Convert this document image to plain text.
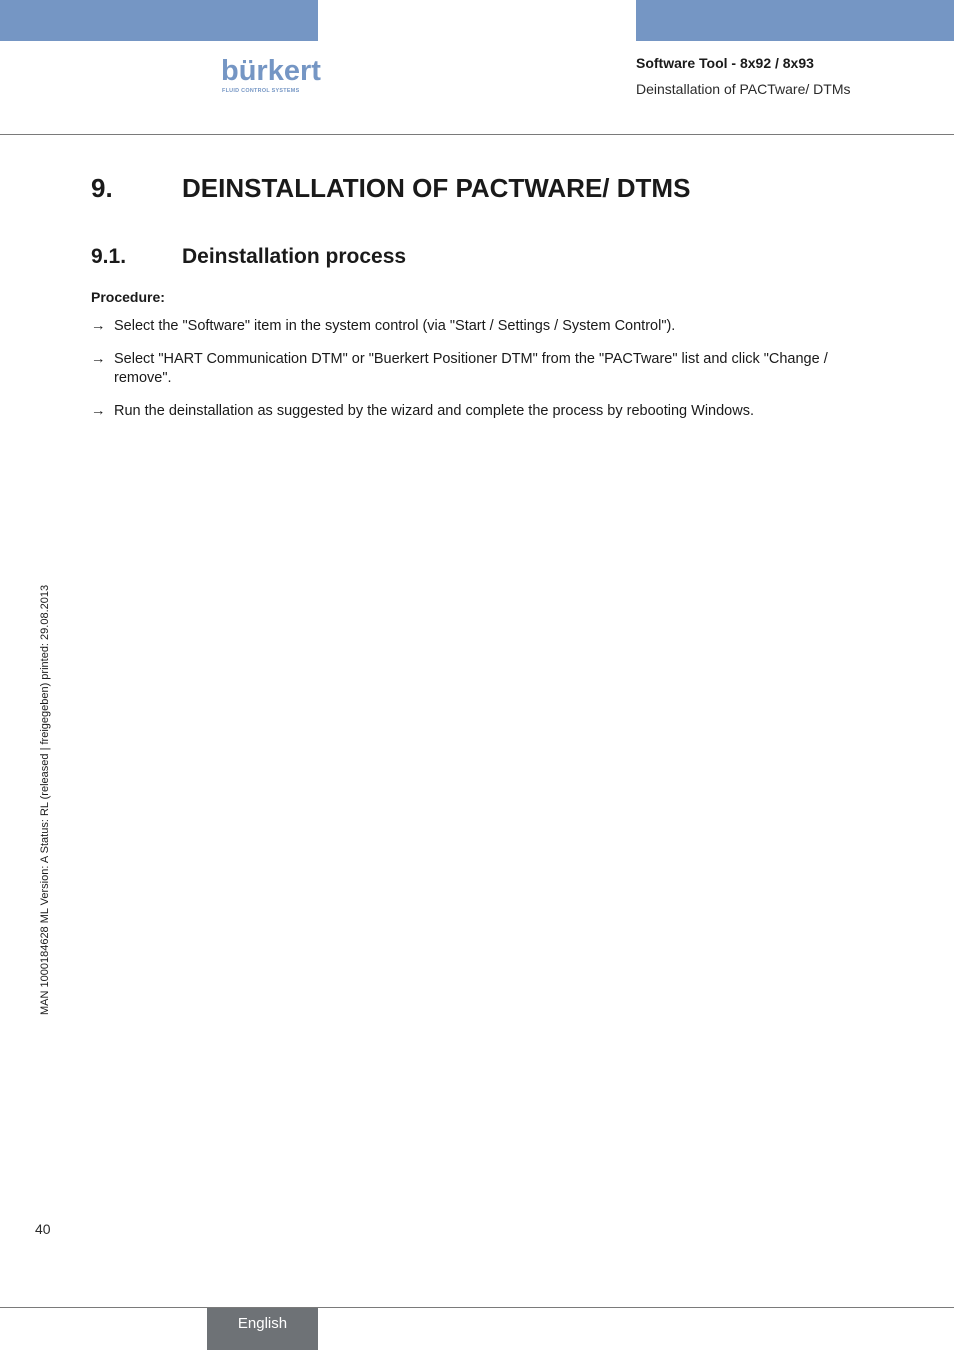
bürkert
FLUID CONTROL SYSTEMS
Software Tool - 8x92 / 8x93
Deinstallation of PACTware/ DTMs
9.	DEINSTALLATION OF PACTWARE/ DTMS
9.1.	Deinstallation process
Procedure:
→ Select the "Software" item in the system control (via "Start / Settings / System Control").
→ Select "HART Communication DTM" or "Buerkert Positioner DTM" from the "PACTware" list and click "Change / remove".
→ Run the deinstallation as suggested by the wizard and complete the process by rebooting Windows.
MAN 1000184628 ML Version: A Status: RL (released | freigegeben) printed: 29.08.2013
40
English
